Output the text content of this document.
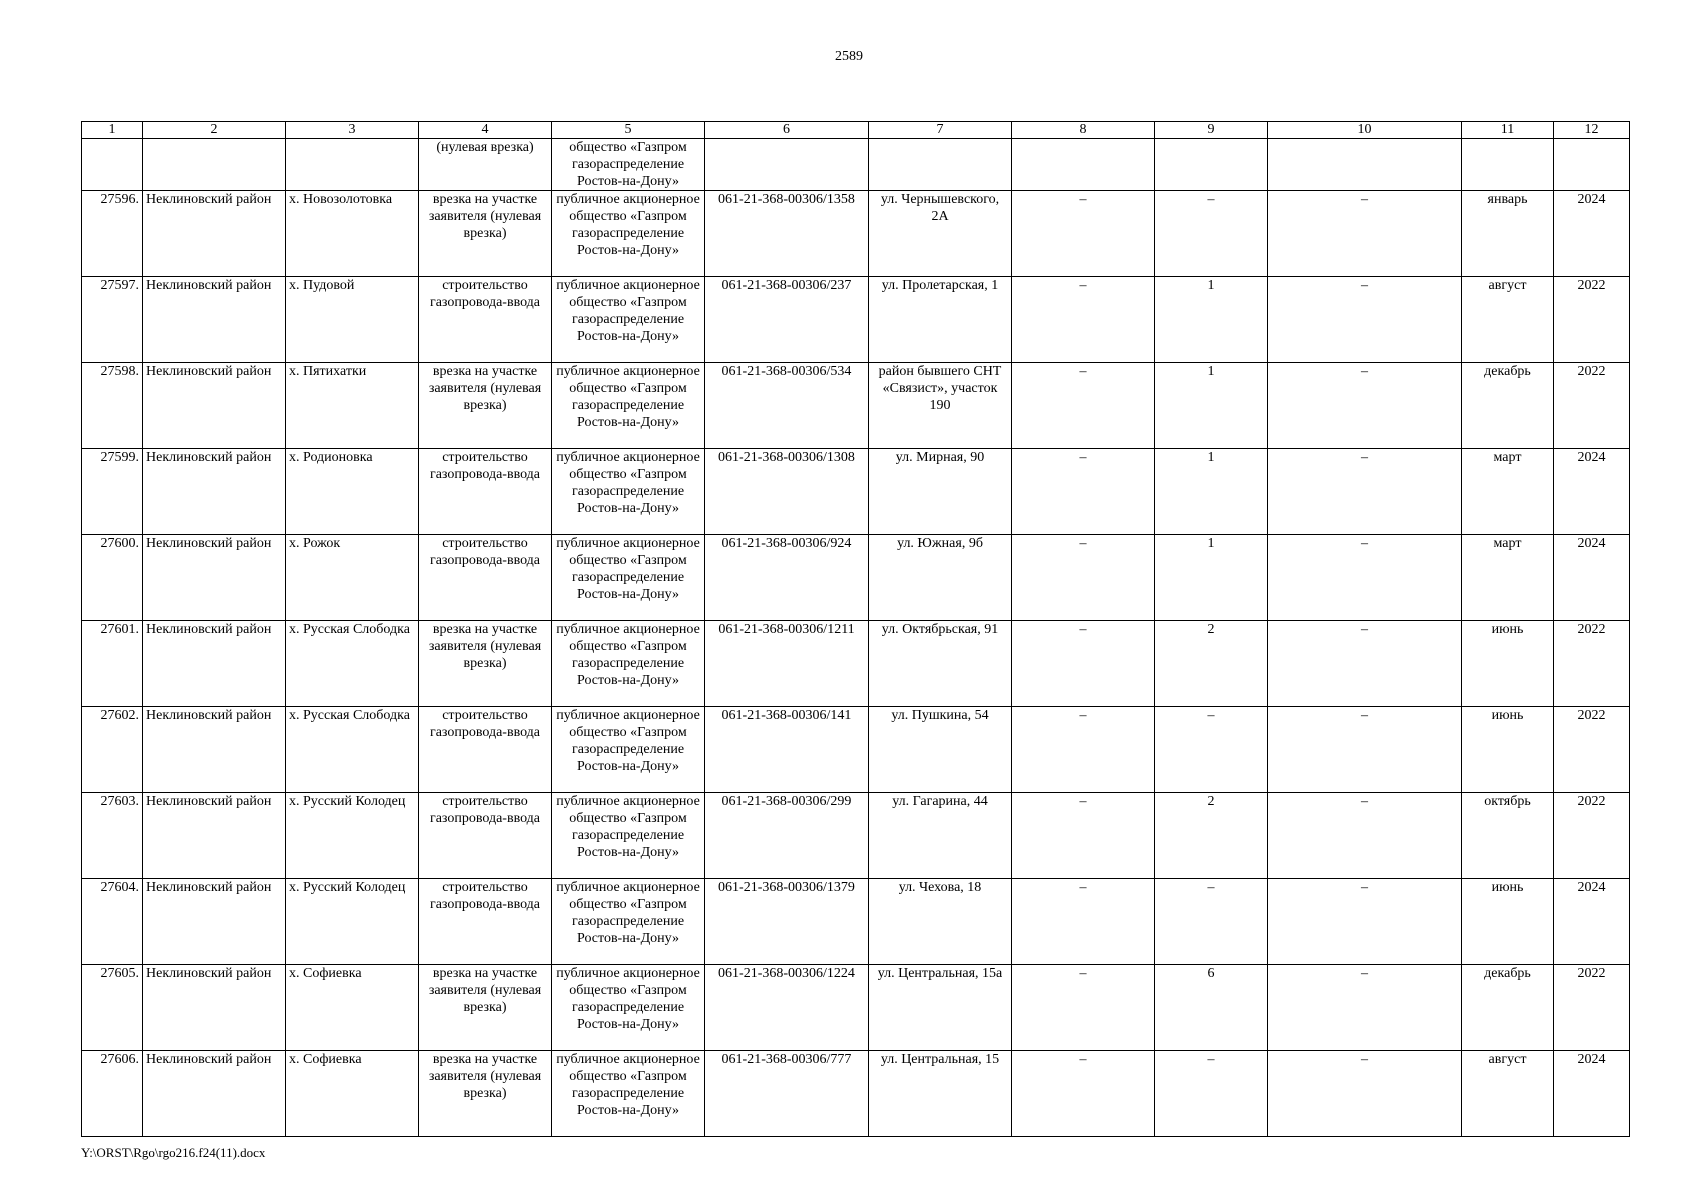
2589
1	2	3	4	5	6	7	8	9	10	11	12
			(нулевая врезка)	общество «Газпром газораспределение Ростов-на-Дону»							
27596.	Неклиновский район	х. Новозолотовка	врезка на участке заявителя (нулевая врезка)	публичное акционерное общество «Газпром газораспределение Ростов-на-Дону»	061-21-368-00306/1358	ул. Чернышевского, 2А	–	–	–	январь	2024
27597.	Неклиновский район	х. Пудовой	строительство газопровода-ввода	публичное акционерное общество «Газпром газораспределение Ростов-на-Дону»	061-21-368-00306/237	ул. Пролетарская, 1	–	1	–	август	2022
27598.	Неклиновский район	х. Пятихатки	врезка на участке заявителя (нулевая врезка)	публичное акционерное общество «Газпром газораспределение Ростов-на-Дону»	061-21-368-00306/534	район бывшего СНТ «Связист», участок 190	–	1	–	декабрь	2022
27599.	Неклиновский район	х. Родионовка	строительство газопровода-ввода	публичное акционерное общество «Газпром газораспределение Ростов-на-Дону»	061-21-368-00306/1308	ул. Мирная, 90	–	1	–	март	2024
27600.	Неклиновский район	х. Рожок	строительство газопровода-ввода	публичное акционерное общество «Газпром газораспределение Ростов-на-Дону»	061-21-368-00306/924	ул. Южная, 9б	–	1	–	март	2024
27601.	Неклиновский район	х. Русская Слободка	врезка на участке заявителя (нулевая врезка)	публичное акционерное общество «Газпром газораспределение Ростов-на-Дону»	061-21-368-00306/1211	ул. Октябрьская, 91	–	2	–	июнь	2022
27602.	Неклиновский район	х. Русская Слободка	строительство газопровода-ввода	публичное акционерное общество «Газпром газораспределение Ростов-на-Дону»	061-21-368-00306/141	ул. Пушкина, 54	–	–	–	июнь	2022
27603.	Неклиновский район	х. Русский Колодец	строительство газопровода-ввода	публичное акционерное общество «Газпром газораспределение Ростов-на-Дону»	061-21-368-00306/299	ул. Гагарина, 44	–	2	–	октябрь	2022
27604.	Неклиновский район	х. Русский Колодец	строительство газопровода-ввода	публичное акционерное общество «Газпром газораспределение Ростов-на-Дону»	061-21-368-00306/1379	ул. Чехова, 18	–	–	–	июнь	2024
27605.	Неклиновский район	х. Софиевка	врезка на участке заявителя (нулевая врезка)	публичное акционерное общество «Газпром газораспределение Ростов-на-Дону»	061-21-368-00306/1224	ул. Центральная, 15а	–	6	–	декабрь	2022
27606.	Неклиновский район	х. Софиевка	врезка на участке заявителя (нулевая врезка)	публичное акционерное общество «Газпром газораспределение Ростов-на-Дону»	061-21-368-00306/777	ул. Центральная, 15	–	–	–	август	2024
Y:\ORST\Rgo\rgo216.f24(11).docx
